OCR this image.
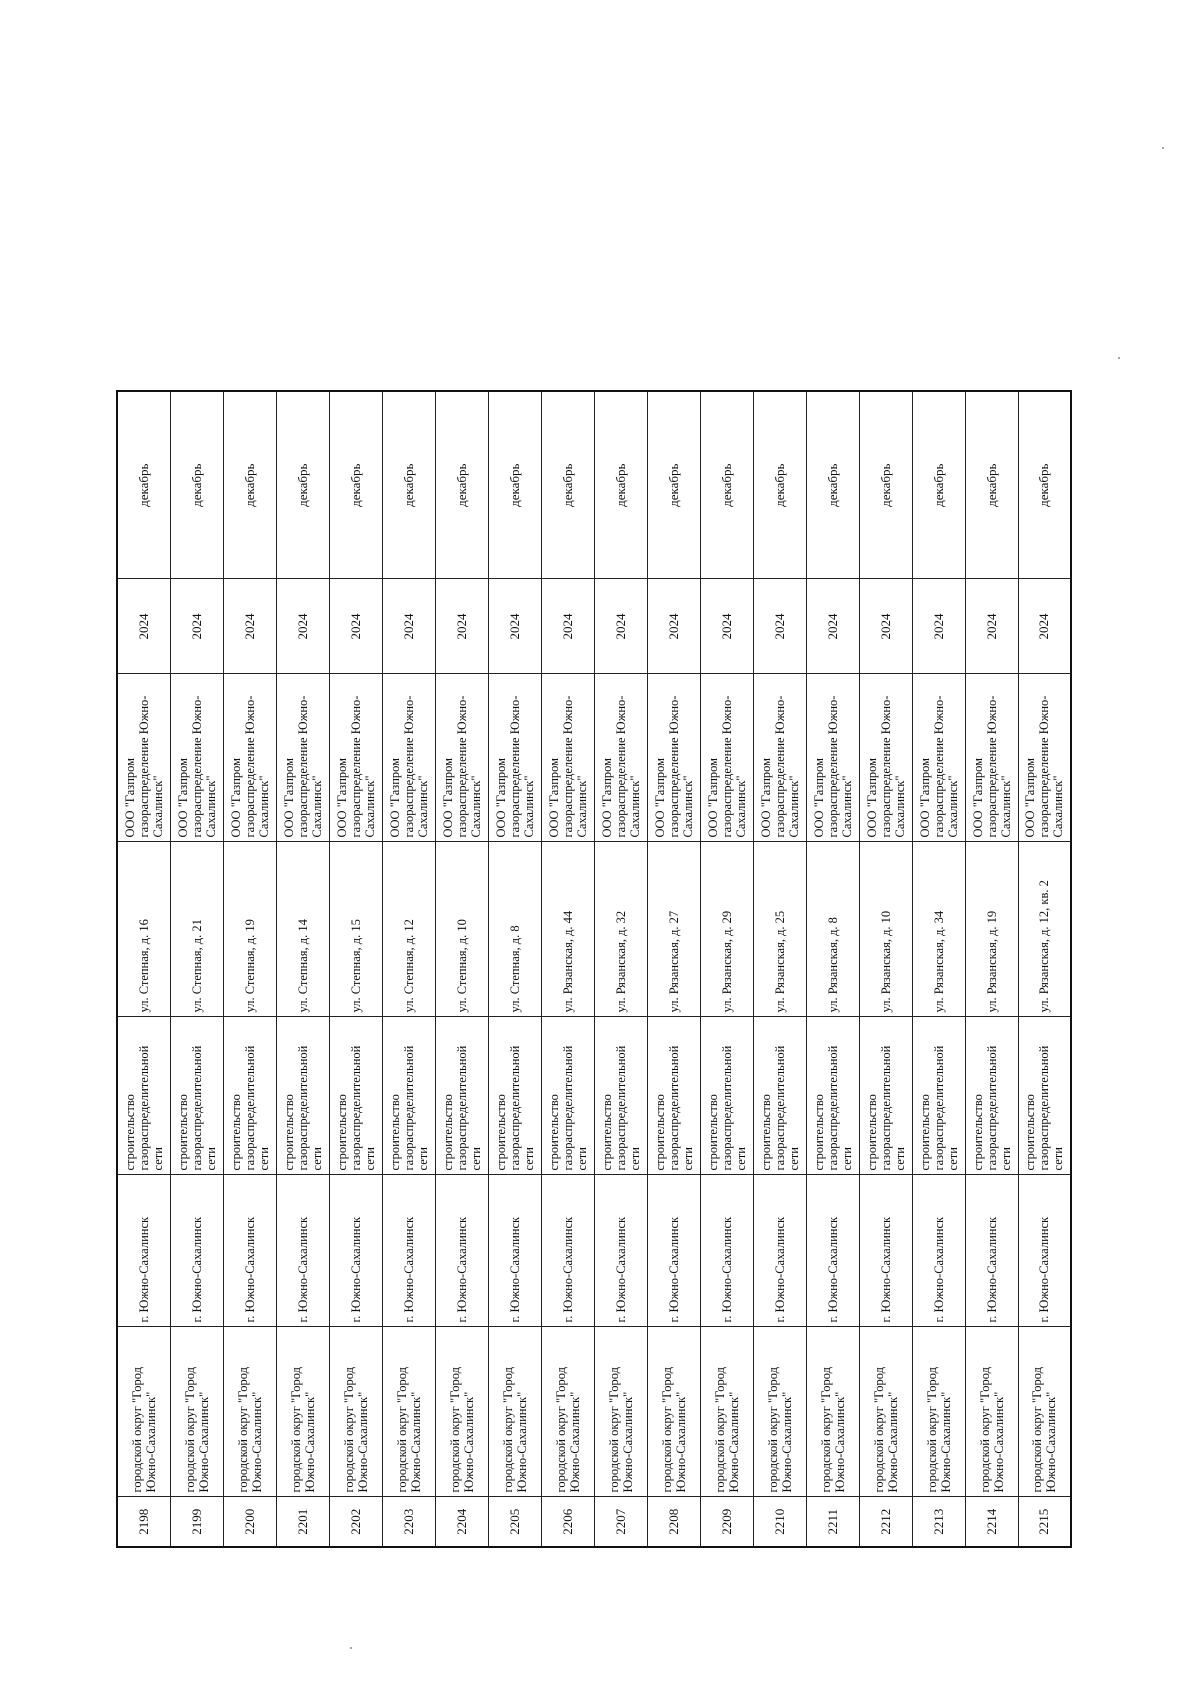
2198	городской округ "Город Южно-Сахалинск"	г. Южно-Сахалинск	строительство газораспределительной сети	ул. Степная, д. 16	ООО "Газпром газораспределение Южно-Сахалинск"	2024	декабрь
2199	городской округ "Город Южно-Сахалинск"	г. Южно-Сахалинск	строительство газораспределительной сети	ул. Степная, д. 21	ООО "Газпром газораспределение Южно-Сахалинск"	2024	декабрь
2200	городской округ "Город Южно-Сахалинск"	г. Южно-Сахалинск	строительство газораспределительной сети	ул. Степная, д. 19	ООО "Газпром газораспределение Южно-Сахалинск"	2024	декабрь
2201	городской округ "Город Южно-Сахалинск"	г. Южно-Сахалинск	строительство газораспределительной сети	ул. Степная, д. 14	ООО "Газпром газораспределение Южно-Сахалинск"	2024	декабрь
2202	городской округ "Город Южно-Сахалинск"	г. Южно-Сахалинск	строительство газораспределительной сети	ул. Степная, д. 15	ООО "Газпром газораспределение Южно-Сахалинск"	2024	декабрь
2203	городской округ "Город Южно-Сахалинск"	г. Южно-Сахалинск	строительство газораспределительной сети	ул. Степная, д. 12	ООО "Газпром газораспределение Южно-Сахалинск"	2024	декабрь
2204	городской округ "Город Южно-Сахалинск"	г. Южно-Сахалинск	строительство газораспределительной сети	ул. Степная, д. 10	ООО "Газпром газораспределение Южно-Сахалинск"	2024	декабрь
2205	городской округ "Город Южно-Сахалинск"	г. Южно-Сахалинск	строительство газораспределительной сети	ул. Степная, д. 8	ООО "Газпром газораспределение Южно-Сахалинск"	2024	декабрь
2206	городской округ "Город Южно-Сахалинск"	г. Южно-Сахалинск	строительство газораспределительной сети	ул. Рязанская, д. 44	ООО "Газпром газораспределение Южно-Сахалинск"	2024	декабрь
2207	городской округ "Город Южно-Сахалинск"	г. Южно-Сахалинск	строительство газораспределительной сети	ул. Рязанская, д. 32	ООО "Газпром газораспределение Южно-Сахалинск"	2024	декабрь
2208	городской округ "Город Южно-Сахалинск"	г. Южно-Сахалинск	строительство газораспределительной сети	ул. Рязанская, д. 27	ООО "Газпром газораспределение Южно-Сахалинск"	2024	декабрь
2209	городской округ "Город Южно-Сахалинск"	г. Южно-Сахалинск	строительство газораспределительной сети	ул. Рязанская, д. 29	ООО "Газпром газораспределение Южно-Сахалинск"	2024	декабрь
2210	городской округ "Город Южно-Сахалинск"	г. Южно-Сахалинск	строительство газораспределительной сети	ул. Рязанская, д. 25	ООО "Газпром газораспределение Южно-Сахалинск"	2024	декабрь
2211	городской округ "Город Южно-Сахалинск"	г. Южно-Сахалинск	строительство газораспределительной сети	ул. Рязанская, д. 8	ООО "Газпром газораспределение Южно-Сахалинск"	2024	декабрь
2212	городской округ "Город Южно-Сахалинск"	г. Южно-Сахалинск	строительство газораспределительной сети	ул. Рязанская, д. 10	ООО "Газпром газораспределение Южно-Сахалинск"	2024	декабрь
2213	городской округ "Город Южно-Сахалинск"	г. Южно-Сахалинск	строительство газораспределительной сети	ул. Рязанская, д. 34	ООО "Газпром газораспределение Южно-Сахалинск"	2024	декабрь
2214	городской округ "Город Южно-Сахалинск"	г. Южно-Сахалинск	строительство газораспределительной сети	ул. Рязанская, д. 19	ООО "Газпром газораспределение Южно-Сахалинск"	2024	декабрь
2215	городской округ "Город Южно-Сахалинск"	г. Южно-Сахалинск	строительство газораспределительной сети	ул. Рязанская, д. 12, кв. 2	ООО "Газпром газораспределение Южно-Сахалинск"	2024	декабрь
